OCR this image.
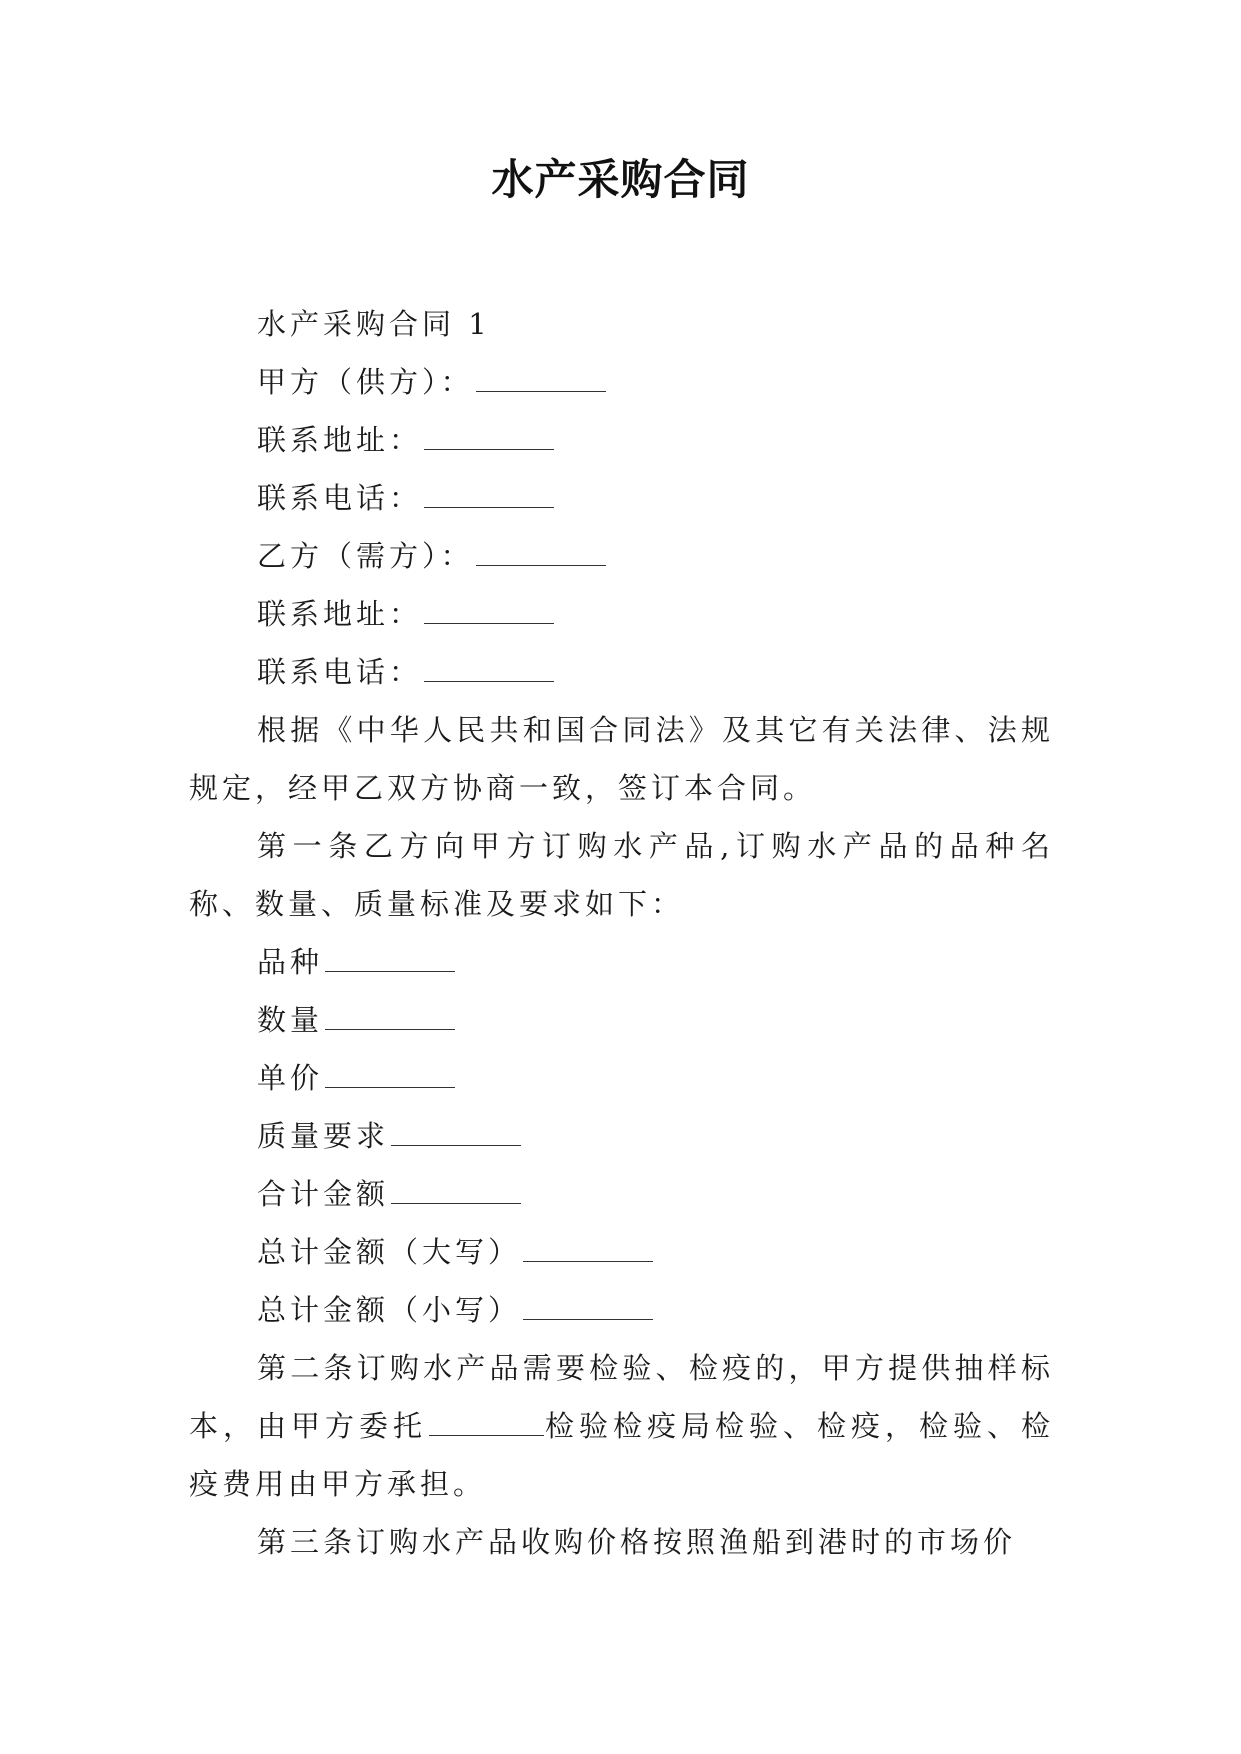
水产采购合同

水产采购合同 1

甲方（供方）：

联系地址：

联系电话：

乙方（需方）：

联系地址：

联系电话：

根据《中华人民共和国合同法》及其它有关法律、法规规定，经甲乙双方协商一致，签订本合同。

第一条乙方向甲方订购水产品,订购水产品的品种名称、数量、质量标准及要求如下：

品种

数量

单价

质量要求

合计金额

总计金额（大写）

总计金额（小写）

第二条订购水产品需要检验、检疫的，甲方提供抽样标本，由甲方委托	检验检疫局检验、检疫，检验、检疫费用由甲方承担。

第三条订购水产品收购价格按照渔船到港时的市场价
